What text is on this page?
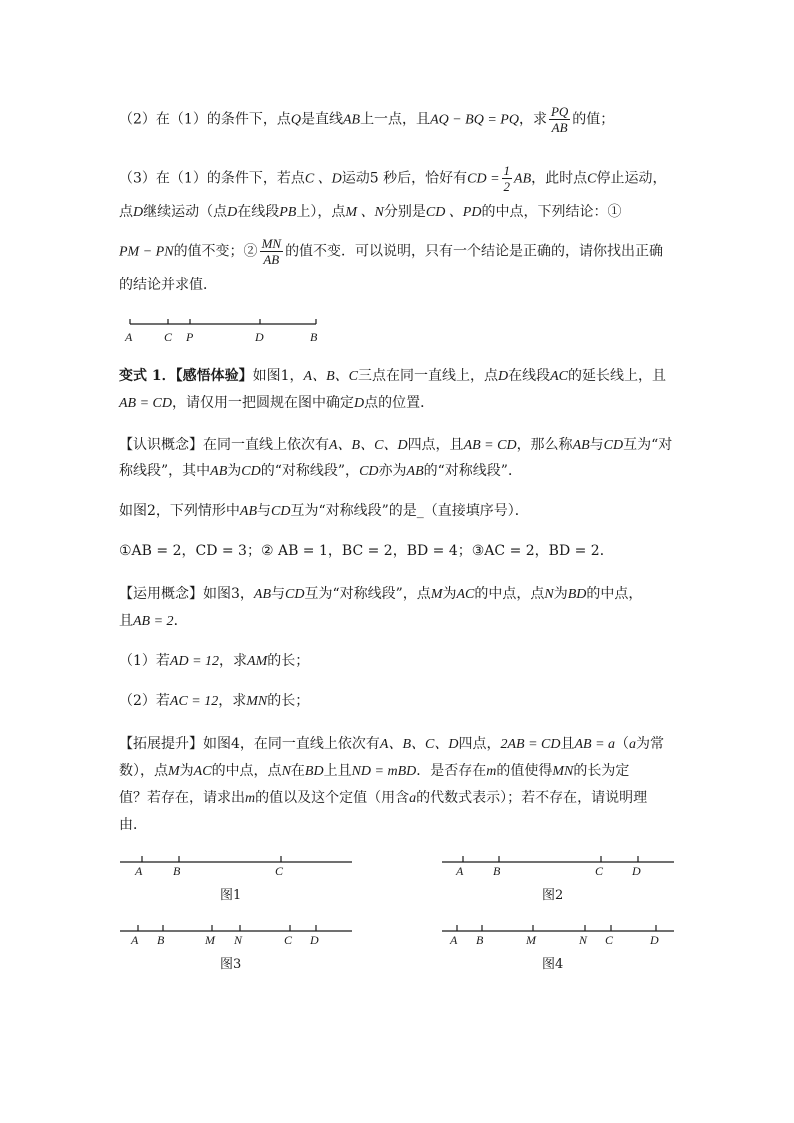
（2）在（1）的条件下，点Q是直线AB上一点，且AQ − BQ = PQ，求 $\frac{PQ}{AB}$ 的值；
（3）在（1）的条件下，若点C 、D运动5 秒后，恰好有CD = $\frac{1}{2}$ AB，此时点C停止运动，
点D继续运动（点D在线段PB上），点M 、N分别是CD 、PD的中点，下列结论：①
PM − PN的值不变；② $\frac{MN}{AB}$ 的值不变．可以说明，只有一个结论是正确的，请你找出正确
的结论并求值．
A	C P	D	B
变式 1．【感悟体验】如图1，A、B、C三点在同一直线上，点D在线段AC的延长线上，且
AB = CD，请仅用一把圆规在图中确定D点的位置．
【认识概念】在同一直线上依次有A、B、C、D四点，且AB = CD，那么称AB与CD互为“对
称线段”，其中AB为CD的“对称线段”，CD亦为AB的“对称线段”．
如图2，下列情形中AB与CD互为“对称线段”的是_（直接填序号）．
①AB = 2，CD = 3；② AB = 1，BC = 2，BD = 4；③AC = 2，BD = 2．
【运用概念】如图3，AB与CD互为“对称线段”，点M为AC的中点，点N为BD的中点，
且AB = 2．
（1）若AD = 12，求AM的长；
（2）若AC = 12，求MN的长；
【拓展提升】如图4，在同一直线上依次有A、B、C、D四点，2AB = CD且AB = a（a为常
数），点M为AC的中点，点N在BD上且ND = mBD．是否存在m的值使得MN的长为定
值？若存在，请求出m的值以及这个定值（用含a的代数式表示）；若不存在，请说明理
由．
A	B	C
图1
A B	C D
图2
A B	M N	C D
图3
A B	M	N C	D
图4
